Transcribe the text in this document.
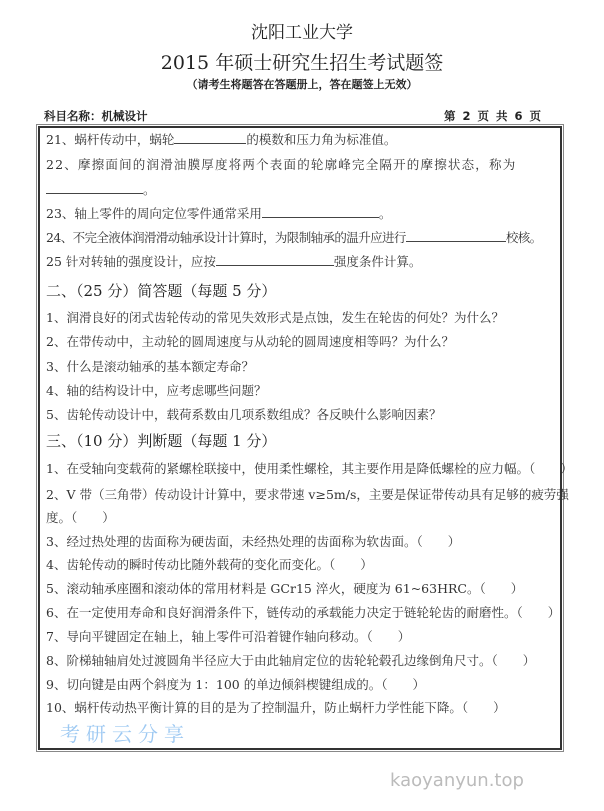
沈阳工业大学
2015 年硕士研究生招生考试题签
（请考生将题答在答题册上，答在题签上无效）
科目名称：机械设计	第 2 页 共 6 页
考研云分享
kaoyanyun.top
21、蜗杆传动中，蜗轮	的模数和压力角为标准值。
22、摩擦面间的润滑油膜厚度将两个表面的轮廓峰完全隔开的摩擦状态，称为
。
23、轴上零件的周向定位零件通常采用	。
24、不完全液体润滑滑动轴承设计计算时，为限制轴承的温升应进行	校核。
25 针对转轴的强度设计，应按	强度条件计算。
二、（25 分）简答题（每题 5 分）
1、润滑良好的闭式齿轮传动的常见失效形式是点蚀，发生在轮齿的何处？为什么？
2、在带传动中，主动轮的圆周速度与从动轮的圆周速度相等吗？为什么？
3、什么是滚动轴承的基本额定寿命？
4、轴的结构设计中，应考虑哪些问题？
5、齿轮传动设计中，载荷系数由几项系数组成？各反映什么影响因素？
三、（10 分）判断题（每题 1 分）
1、在受轴向变载荷的紧螺栓联接中，使用柔性螺栓，其主要作用是降低螺栓的应力幅。（　　）
2、V 带（三角带）传动设计计算中，要求带速 v≥5m/s，主要是保证带传动具有足够的疲劳强
度。（　　）
3、经过热处理的齿面称为硬齿面，未经热处理的齿面称为软齿面。（　　）
4、齿轮传动的瞬时传动比随外载荷的变化而变化。（　　）
5、滚动轴承座圈和滚动体的常用材料是 GCr15 淬火，硬度为 61~63HRC。（　　）
6、在一定使用寿命和良好润滑条件下，链传动的承载能力决定于链轮轮齿的耐磨性。（　　）
7、导向平键固定在轴上，轴上零件可沿着键作轴向移动。（　　）
8、阶梯轴轴肩处过渡圆角半径应大于由此轴肩定位的齿轮轮毂孔边缘倒角尺寸。（　　）
9、切向键是由两个斜度为 1：100 的单边倾斜楔键组成的。（　　）
10、蜗杆传动热平衡计算的目的是为了控制温升，防止蜗杆力学性能下降。（　　）
